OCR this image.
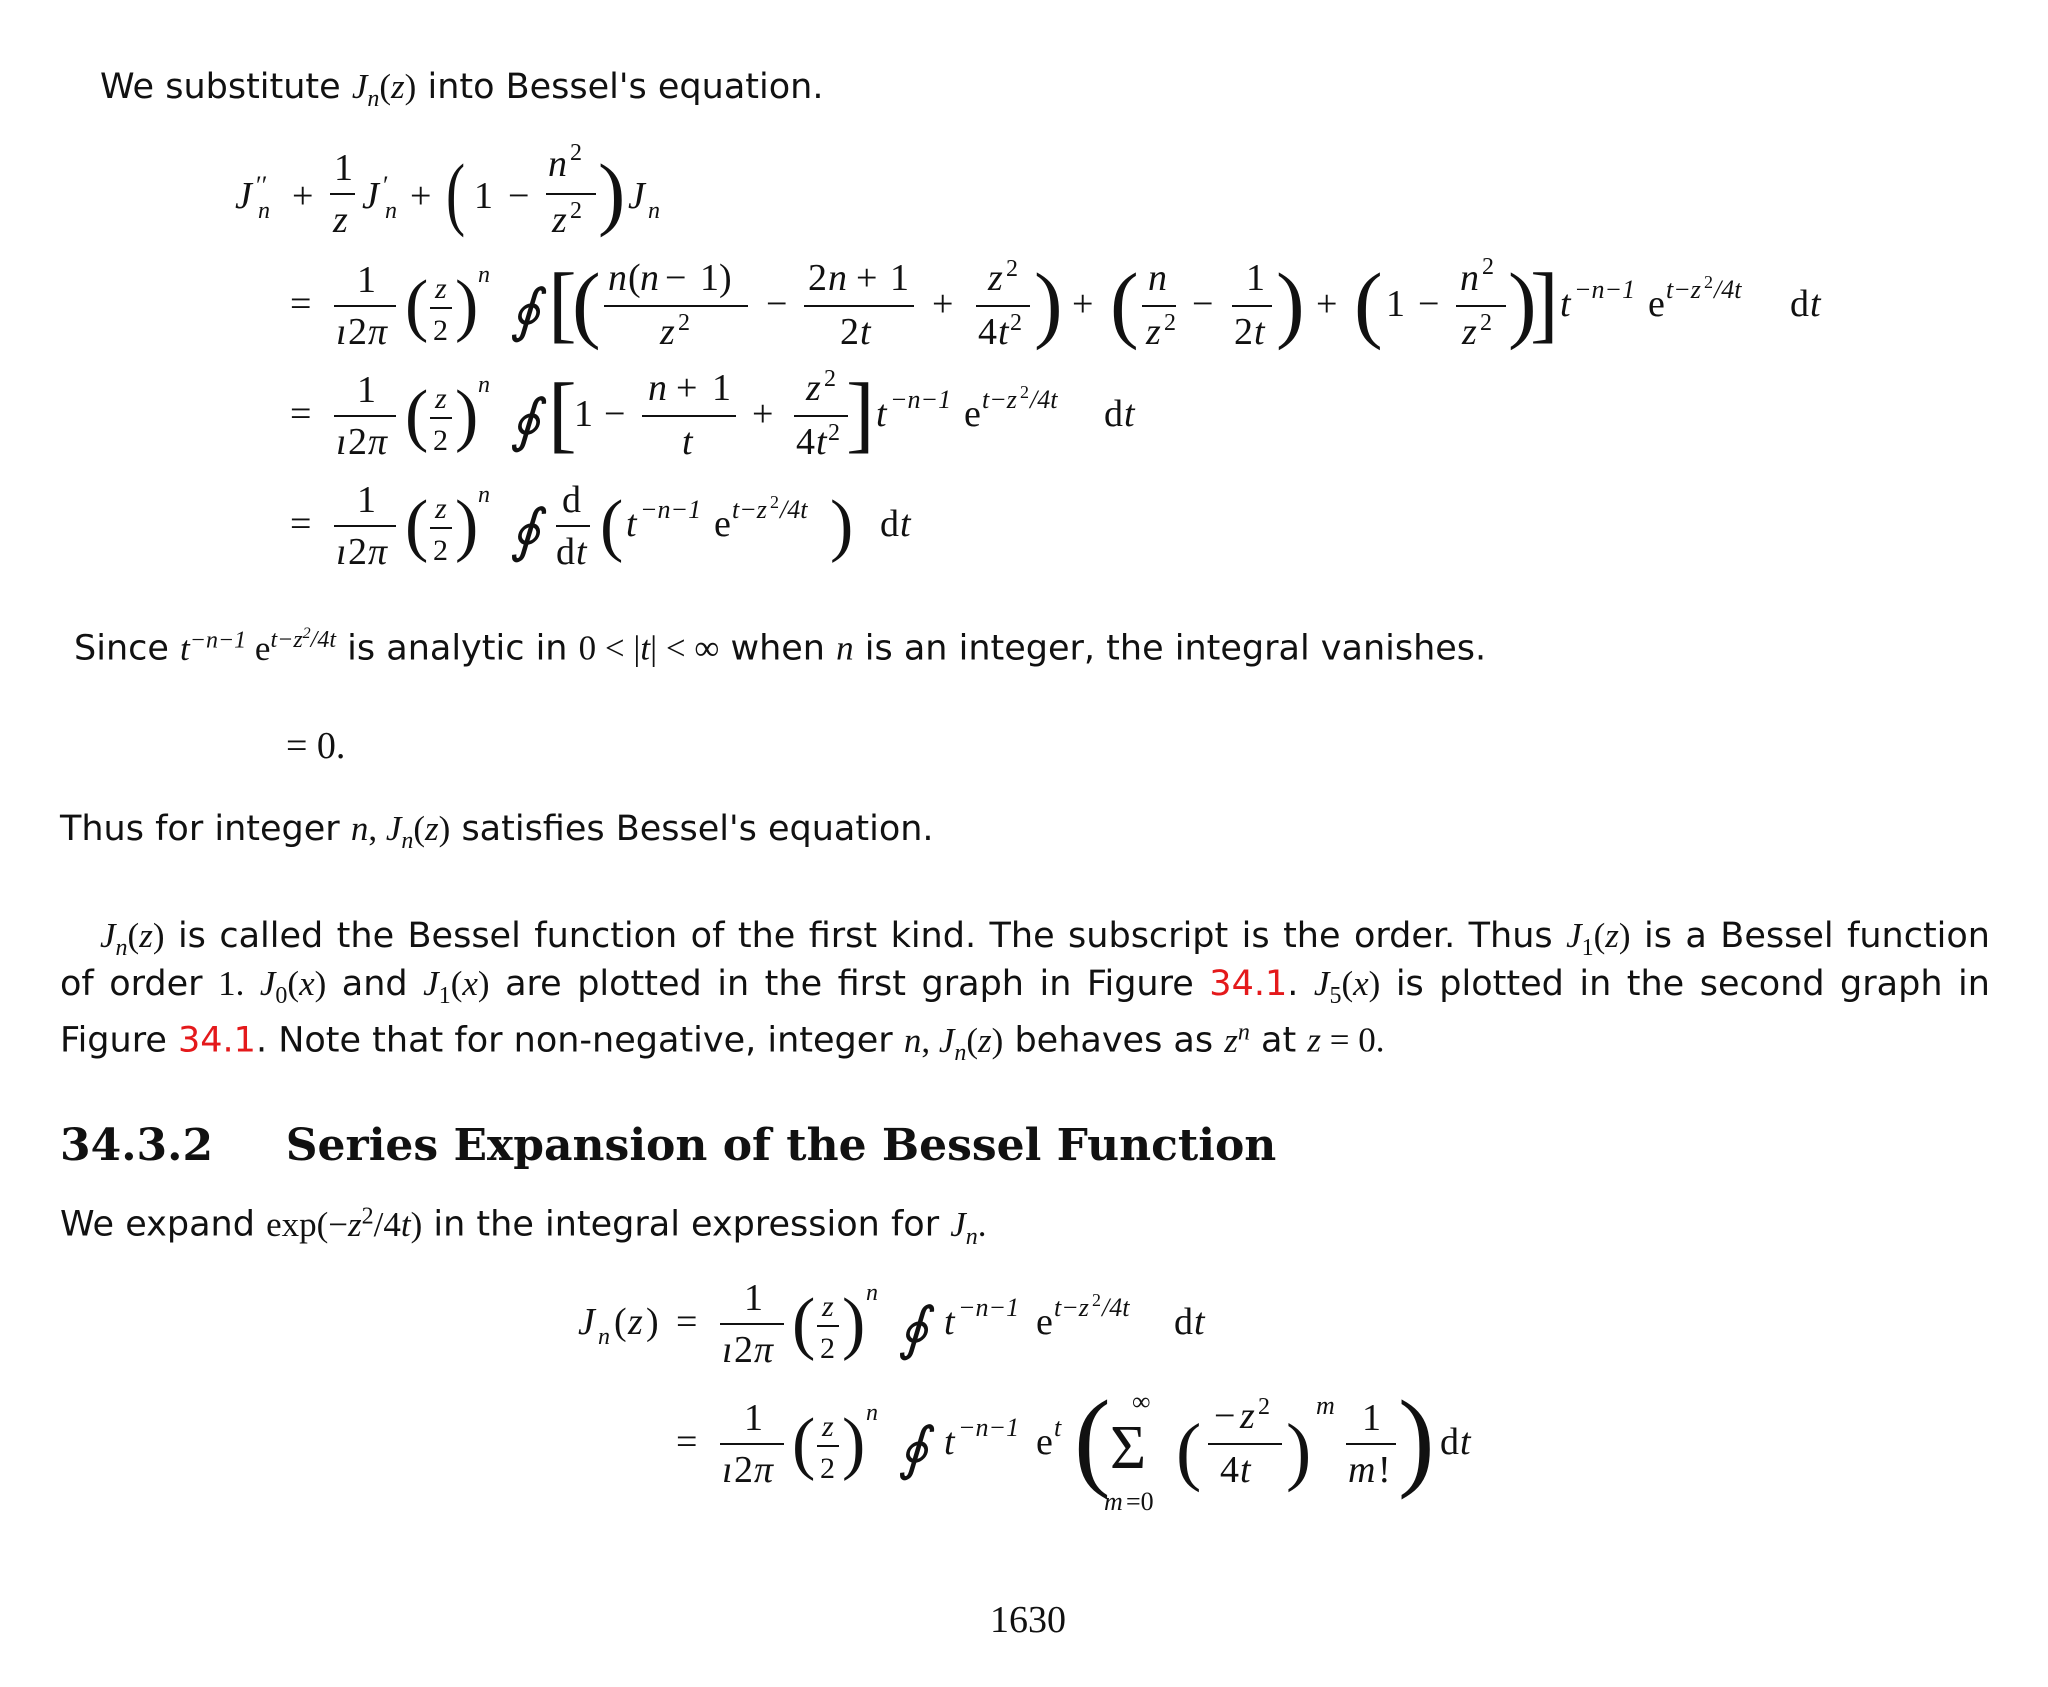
We substitute $J_n(z)$ into Bessel's equation.
J ′′
n +
1
z
J ′
n + ( 1 −
n 2
z 2 ) J n
=
1
ı 2 π ( z
2 ) n
∮ [
( n ( n − 1)
z 2 −
2 n + 1
2 t
+
z 2
4 t 2 ) + ( n
z 2 −
1
2 t ) + ( 1 −
n 2
z 2 )
] t −n−1 e t−z 2 /4t d t
=
1
ı 2 π ( z
2 ) n
∮ [
1 −
n + 1
t
+
z 2
4 t 2 ] t −n−1 e t−z 2 /4t d t
=
1
ı 2 π ( z
2 ) n
∮ d
d t ( t −n−1 e t−z 2 /4t ) d t
Since $t^{-n-1}$ $e^{t-z^2/4t}$ is analytic in 0 < |t| < ∞ when n is an integer, the integral vanishes.
= 0.
Thus for integer n, $J_n(z)$ satisfies Bessel's equation.
$J_n(z)$ is called the Bessel function of the first kind. The subscript is the order. Thus $J_1(z)$ is a Bessel function
of order 1. $J_0(x)$ and $J_1(x)$ are plotted in the first graph in Figure 34.1. $J_5(x)$ is plotted in the second graph in
Figure 34.1. Note that for non-negative, integer n, $J_n(z)$ behaves as $z^n$ at z = 0.
34.3.2 Series Expansion of the Bessel Function
We expand $\exp(-z^2/4t)$ in the integral expression for $J_n$.
J n ( z ) =
1
ı 2 π ( z
2 ) n
∮ t −n−1 e t−z 2 /4t d t
=
1
ı 2 π ( z
2 ) n
∮ t −n−1 e t ( ∞
Σ
m =0
( − z 2
4 t )
m 1
m ! ) d t
1630
